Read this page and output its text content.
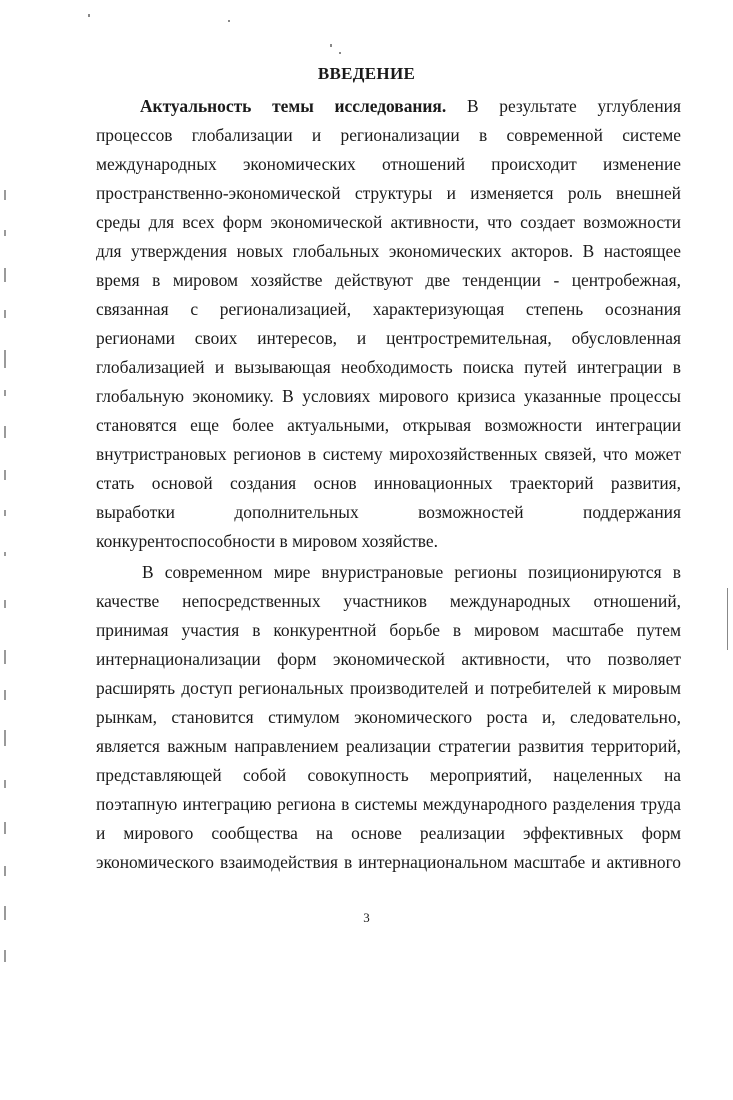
ВВЕДЕНИЕ
Актуальность темы исследования. В результате углубления
процессов глобализации и регионализации в современной системе
международных экономических отношений происходит изменение
пространственно-экономической структуры и изменяется роль внешней
среды для всех форм экономической активности, что создает возможности
для утверждения новых глобальных экономических акторов. В настоящее
время в мировом хозяйстве действуют две тенденции - центробежная,
связанная с регионализацией, характеризующая степень осознания
регионами своих интересов, и центростремительная, обусловленная
глобализацией и вызывающая необходимость поиска путей интеграции в
глобальную экономику. В условиях мирового кризиса указанные процессы
становятся еще более актуальными, открывая возможности интеграции
внутристрановых регионов в систему мирохозяйственных связей, что может
стать основой создания основ инновационных траекторий развития,
выработки дополнительных возможностей поддержания
конкурентоспособности в мировом хозяйстве.
В современном мире внуристрановые регионы позиционируются в
качестве непосредственных участников международных отношений,
принимая участия в конкурентной борьбе в мировом масштабе путем
интернационализации форм экономической активности, что позволяет
расширять доступ региональных производителей и потребителей к мировым
рынкам, становится стимулом экономического роста и, следовательно,
является важным направлением реализации стратегии развития территорий,
представляющей собой совокупность мероприятий, нацеленных на
поэтапную интеграцию региона в системы международного разделения труда
и мирового сообщества на основе реализации эффективных форм
экономического взаимодействия в интернациональном масштабе и активного
3
